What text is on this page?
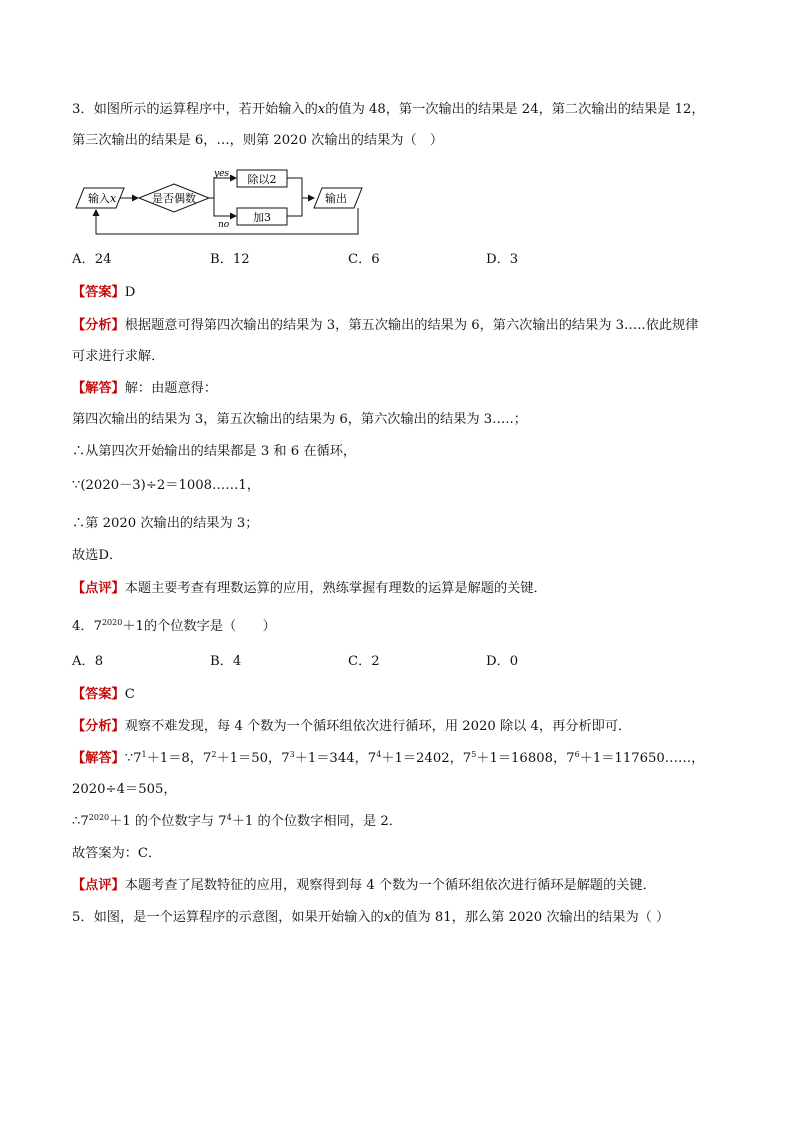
3．如图所示的运算程序中，若开始输入的x的值为 48，第一次输出的结果是 24，第二次输出的结果是 12，

第三次输出的结果是 6，…，则第 2020 次输出的结果为（　）

输入x	是否偶数
yes 除以2
no
加3
输出

A．24	B．12	C．6	D．3

【答案】D

【分析】根据题意可得第四次输出的结果为 3，第五次输出的结果为 6，第六次输出的结果为 3…..依此规律

可求进行求解．

【解答】解：由题意得：

第四次输出的结果为 3，第五次输出的结果为 6，第六次输出的结果为 3…..；

∴从第四次开始输出的结果都是 3 和 6 在循环，

∵(2020－3)÷2＝1008……1，

∴第 2020 次输出的结果为 3；

故选D．

【点评】本题主要考查有理数运算的应用，熟练掌握有理数的运算是解题的关键．

4．$7^{2020}+1$的个位数字是（　　）

A．8	B．4	C．2	D．0

【答案】C

【分析】观察不难发现，每 4 个数为一个循环组依次进行循环，用 2020 除以 4，再分析即可．

【解答】$\because 7^1+1=8$，$7^2+1=50$，$7^3+1=344$，$7^4+1=2402$，$7^5+1=16808$，$7^6+1=117650\dots\dots$，

2020÷4＝505，

$\therefore 7^{2020}+1$ 的个位数字与 $7^4+1$ 的个位数字相同，是 2．

故答案为：C．

【点评】本题考查了尾数特征的应用，观察得到每 4 个数为一个循环组依次进行循环是解题的关键．

5．如图，是一个运算程序的示意图，如果开始输入的x的值为 81，那么第 2020 次输出的结果为（ ）
